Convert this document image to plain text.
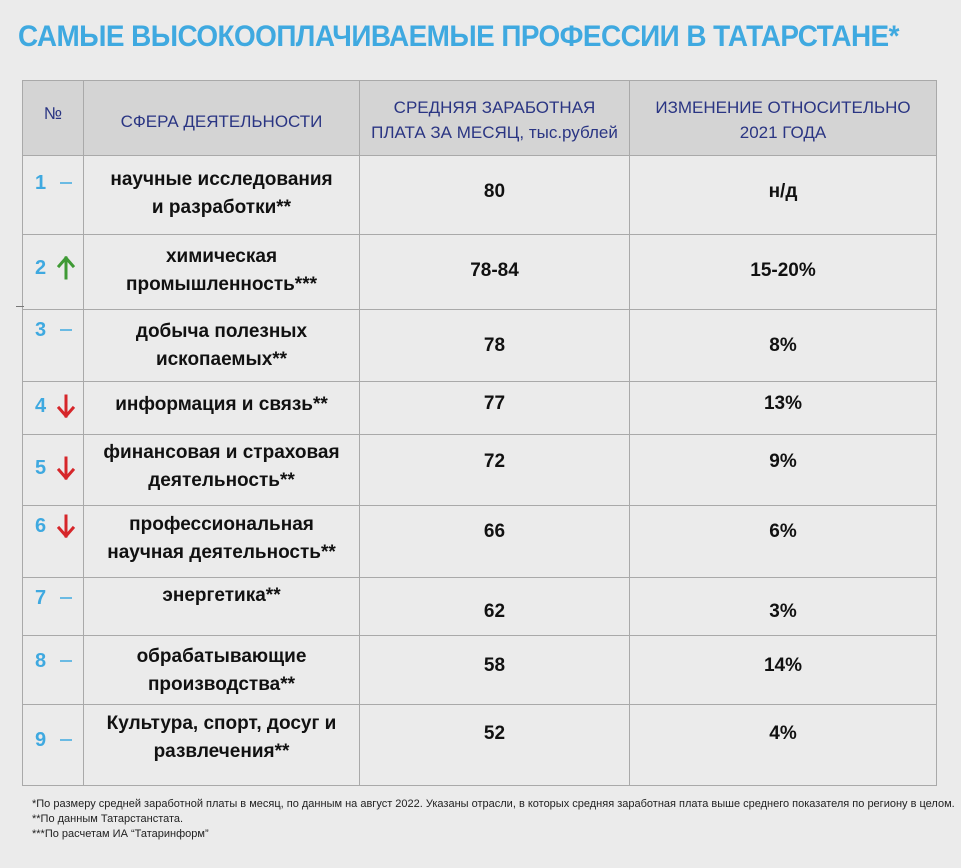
САМЫЕ ВЫСОКООПЛАЧИВАЕМЫЕ ПРОФЕССИИ В ТАТАРСТАНЕ*
№	СФЕРА ДЕЯТЕЛЬНОСТИ	СРЕДНЯЯ ЗАРАБОТНАЯ
ПЛАТА ЗА МЕСЯЦ, тыс.рублей	ИЗМЕНЕНИЕ ОТНОСИТЕЛЬНО
2021 ГОДА

1	научные исследования
и разработки**	80	н/д

2	химическая
промышленность***	78-84	15-20%

3	добыча полезных
ископаемых**	78	8%

4	информация и связь**	77	13%

5	финансовая и страховая
деятельность**	72	9%

6	профессиональная
научная деятельность**	66	6%

7	энергетика**	62	3%

8	обрабатывающие
производства**	58	14%

9	Культура, спорт, досуг и
развлечения**	52	4%
*По размеру средней заработной платы в месяц, по данным на август 2022. Указаны отрасли, в которых средняя заработная плата выше среднего показателя по региону в целом.
**По данным Татарстанстата.
***По расчетам ИА “Татаринформ”
